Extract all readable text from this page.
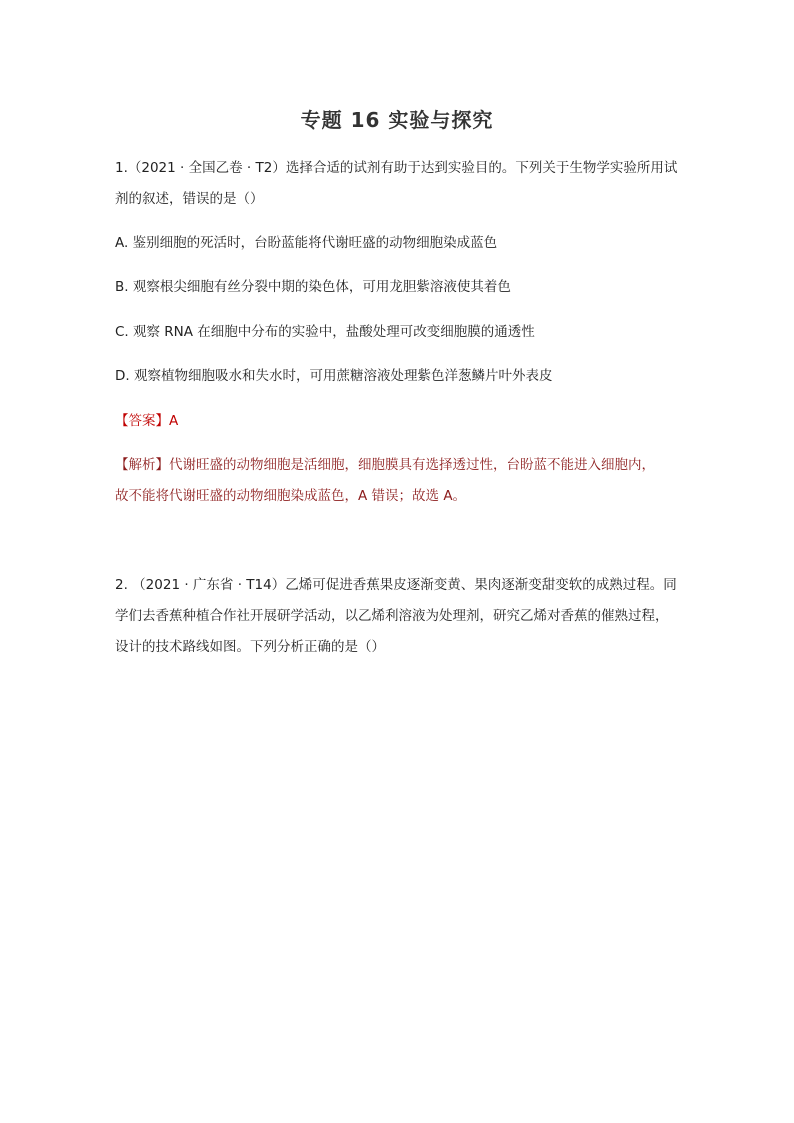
专题 16 实验与探究
1.（2021 · 全国乙卷 · T2）选择合适的试剂有助于达到实验目的。下列关于生物学实验所用试
剂的叙述，错误的是（）
A. 鉴别细胞的死活时，台盼蓝能将代谢旺盛的动物细胞染成蓝色
B. 观察根尖细胞有丝分裂中期的染色体，可用龙胆紫溶液使其着色
C. 观察 RNA 在细胞中分布的实验中，盐酸处理可改变细胞膜的通透性
D. 观察植物细胞吸水和失水时，可用蔗糖溶液处理紫色洋葱鳞片叶外表皮
【答案】A
【解析】代谢旺盛的动物细胞是活细胞，细胞膜具有选择透过性，台盼蓝不能进入细胞内，
故不能将代谢旺盛的动物细胞染成蓝色，A 错误；故选 A。
2. （2021 · 广东省 · T14）乙烯可促进香蕉果皮逐渐变黄、果肉逐渐变甜变软的成熟过程。同
学们去香蕉种植合作社开展研学活动，以乙烯利溶液为处理剂，研究乙烯对香蕉的催熟过程，
设计的技术路线如图。下列分析正确的是（）
